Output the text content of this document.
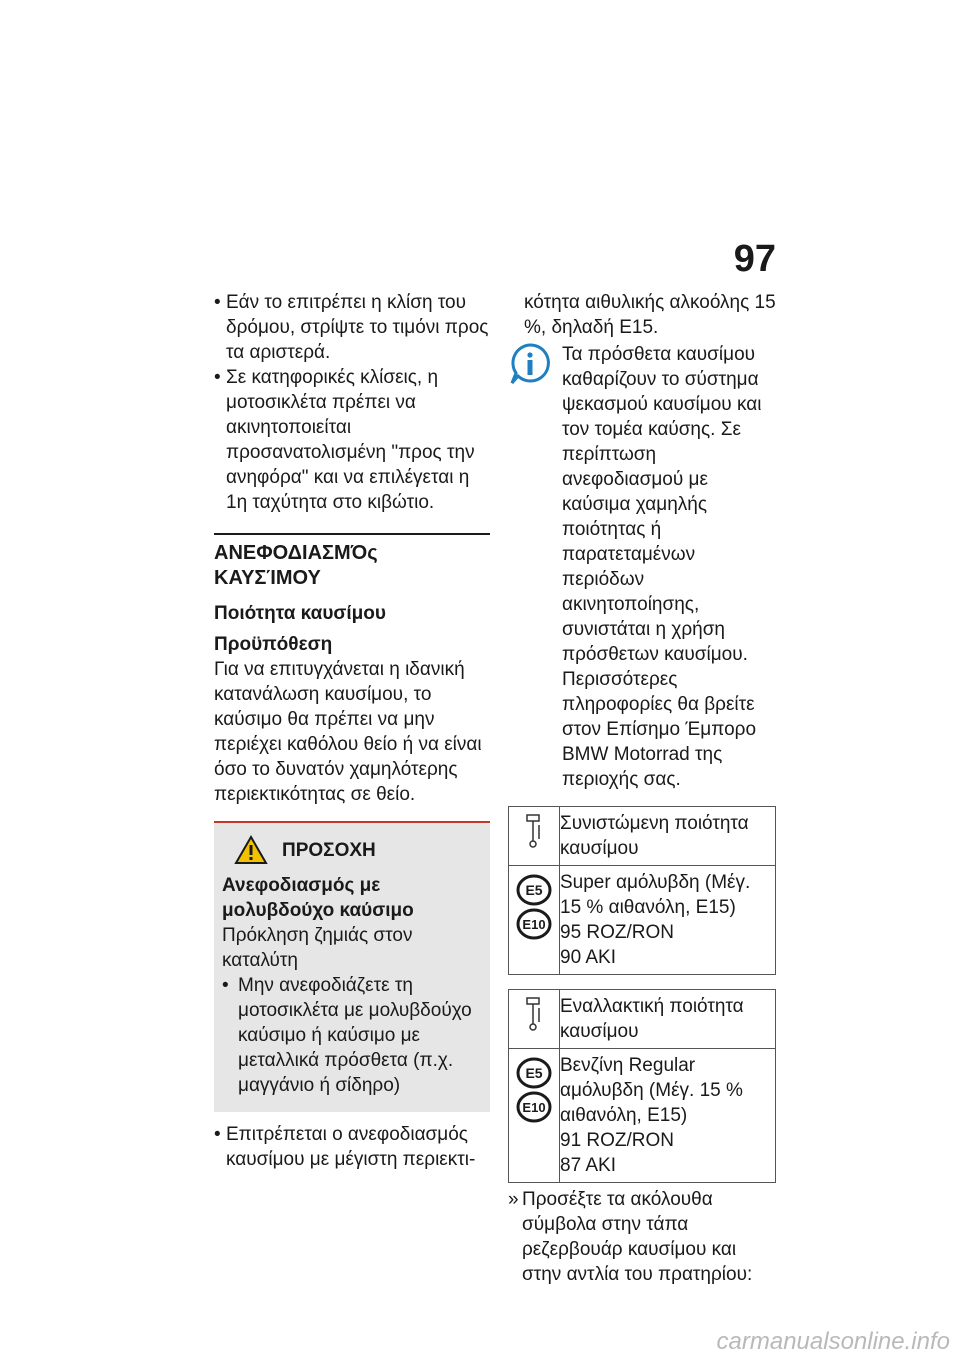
97

• Εάν το επιτρέπει η κλίση του δρόμου, στρίψτε το τιμόνι προς τα αριστερά.

• Σε κατηφορικές κλίσεις, η μοτοσικλέτα πρέπει να ακινητοποιείται προσανατολισμένη "προς την ανηφόρα" και να επιλέγεται η 1η ταχύτητα στο κιβώτιο.

ΑΝΕΦΟΔΙΑΣΜΌς ΚΑΥΣΊΜΟΥ

Ποιότητα καυσίμου

Προϋπόθεση

Για να επιτυγχάνεται η ιδανική κατανάλωση καυσίμου, το καύσιμο θα πρέπει να μην περιέχει καθόλου θείο ή να είναι όσο το δυνατόν χαμηλότερης περιεκτικότητας σε θείο.

ΠΡΟΣΟΧΗ
Ανεφοδιασμός με μολυβδούχο καύσιμο
Πρόκληση ζημιάς στον καταλύτη

• Μην ανεφοδιάζετε τη μοτοσικλέτα με μολυβδούχο καύσιμο ή καύσιμο με μεταλλικά πρόσθετα (π.χ. μαγγάνιο ή σίδηρο)

• Επιτρέπεται ο ανεφοδιασμός καυσίμου με μέγιστη περιεκτι-

κότητα αιθυλικής αλκοόλης 15 %, δηλαδή E15.

Τα πρόσθετα καυσίμου καθαρίζουν το σύστημα ψεκασμού καυσίμου και τον τομέα καύσης. Σε περίπτωση ανεφοδιασμού με καύσιμα χαμηλής ποιότητας ή παρατεταμένων περιόδων ακινητοποίησης, συνιστάται η χρήση πρόσθετων καυσίμου. Περισσότερες πληροφορίες θα βρείτε στον Επίσημο Έμπορο BMW Motorrad της περιοχής σας.

	Συνιστώμενη ποιότητα καυσίμου

E5
E10	Super αμόλυβδη (Μέγ. 15 % αιθανόλη, E15)
95 ROZ/RON
90 AKI
	Εναλλακτική ποιότητα καυσίμου

E5
E10	Βενζίνη Regular αμόλυβδη (Μέγ. 15 % αιθανόλη, E15)
91 ROZ/RON
87 AKI

» Προσέξτε τα ακόλουθα σύμβολα στην τάπα ρεζερβουάρ καυσίμου και στην αντλία του πρατηρίου:

carmanualsonline.info
